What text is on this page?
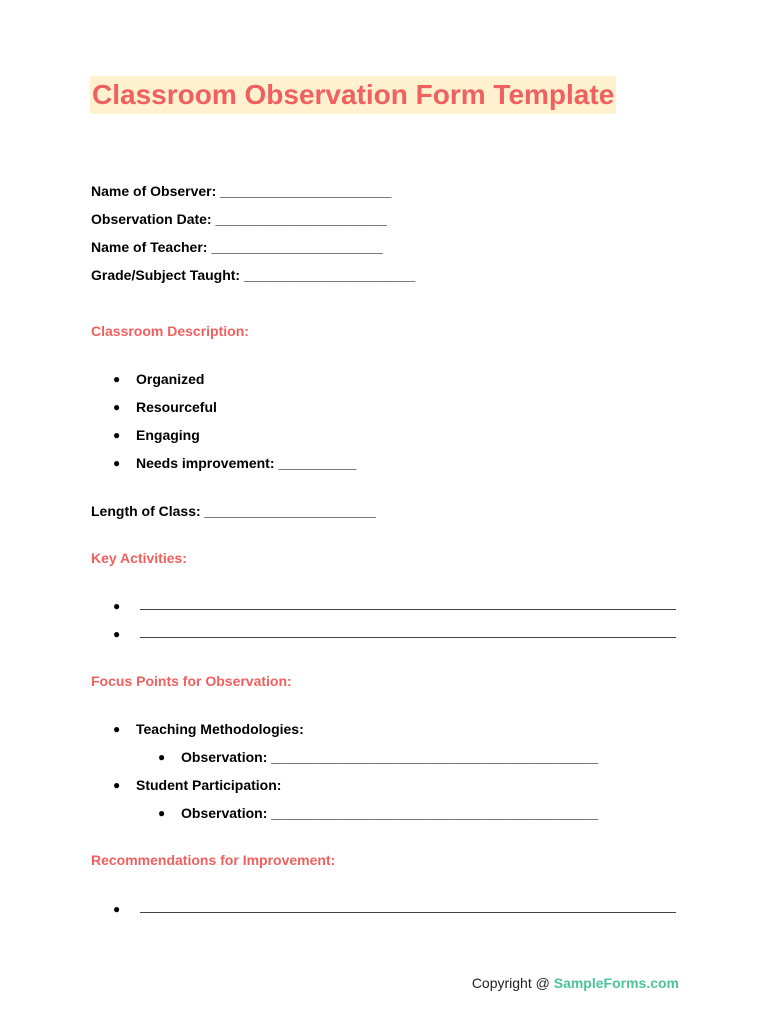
Classroom Observation Form Template
Name of Observer: ______________________
Observation Date: ______________________
Name of Teacher: ______________________
Grade/Subject Taught: ______________________
Classroom Description:
● Organized
● Resourceful
● Engaging
● Needs improvement: __________
Length of Class: ______________________
Key Activities:
●
●
Focus Points for Observation:
● Teaching Methodologies:
● Observation: __________________________________________
● Student Participation:
● Observation: __________________________________________
Recommendations for Improvement:
●
Copyright @ SampleForms.com
